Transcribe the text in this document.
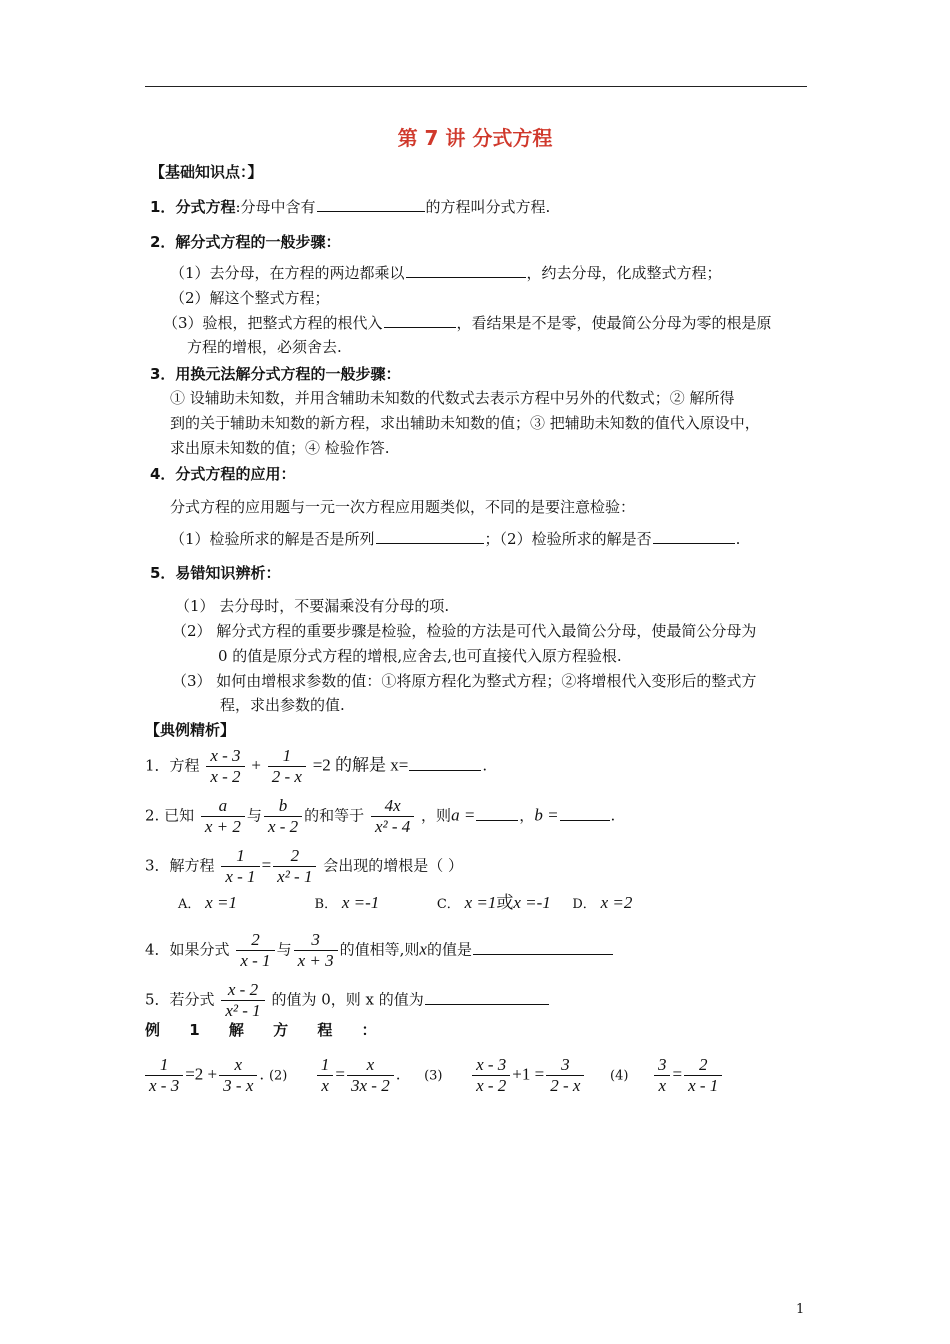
第 7 讲 分式方程
【基础知识点：】
1．分式方程:分母中含有	的方程叫分式方程.
2．解分式方程的一般步骤：
（1）去分母，在方程的两边都乘以	，约去分母，化成整式方程；
（2）解这个整式方程；
（3）验根，把整式方程的根代入	，看结果是不是零，使最简公分母为零的根是原
方程的增根，必须舍去.
3．用换元法解分式方程的一般步骤：
① 设辅助未知数，并用含辅助未知数的代数式去表示方程中另外的代数式；② 解所得
到的关于辅助未知数的新方程，求出辅助未知数的值；③ 把辅助未知数的值代入原设中，
求出原未知数的值；④ 检验作答.
4．分式方程的应用：
分式方程的应用题与一元一次方程应用题类似，不同的是要注意检验：
（1）检验所求的解是否是所列	；（2）检验所求的解是否	.
5．易错知识辨析：
（1） 去分母时，不要漏乘没有分母的项.
（2） 解分式方程的重要步骤是检验，检验的方法是可代入最简公分母，使最简公分母为
0 的值是原分式方程的增根,应舍去,也可直接代入原方程验根.
（3） 如何由增根求参数的值：①将原方程化为整式方程；②将增根代入变形后的整式方
程，求出参数的值.
【典例精析】
1．方程 $\frac{x - 3}{x - 2} + \frac{1}{2 - x} =2$ 的解是 x=	.
2. 已知 $\frac{a}{x + 2}$ 与 $\frac{b}{x - 2}$ 的和等于 $\frac{4x}{\text{x² - 4}}$ ，则a =	，b =	.
3．解方程 $\frac{1}{x - 1} = \frac{2}{\text{x² - 1}}$ 会出现的增根是（ ）
A． x =1	B． x =-1	C． x =1或x =-1 D． x =2
4．如果分式 $\frac{2}{x - 1}$ 与 $\frac{3}{x + 3}$ 的值相等,则x的值是
5．若分式 $\frac{x - 2}{\text{x² - 1}}$ 的值为 0，则 x 的值为
例 1 解 方 程 ：
$\frac{1}{x - 3} =2 + \frac{x}{3 - x}$ . $(2) \frac{1}{x} = \frac{x}{3x - 2}$ . $(3) \frac{x - 3}{x - 2} +1 = \frac{3}{2 - x} (4) \frac{3}{x} = \frac{2}{x - 1}$
1
